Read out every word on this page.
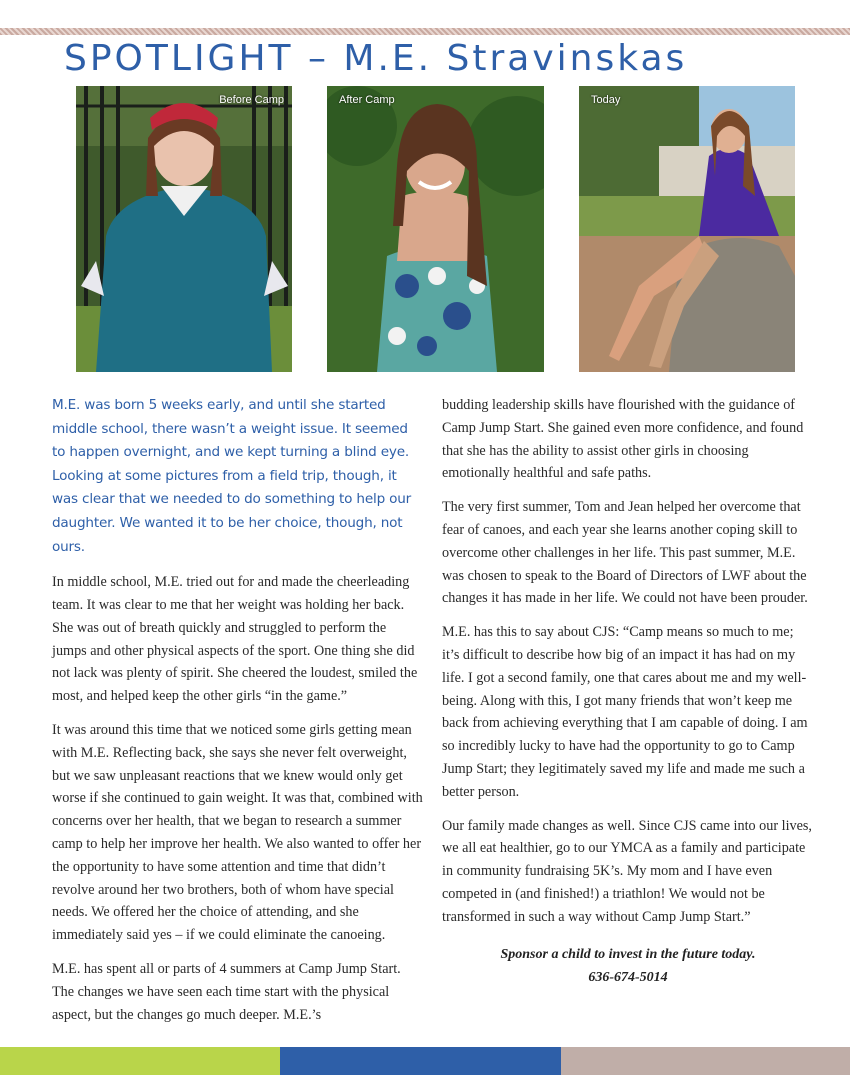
SPOTLIGHT – M.E. Stravinskas
Before Camp	After Camp	Today

M.E. was born 5 weeks early, and until she started middle school, there wasn’t a weight issue. It seemed to happen overnight, and we kept turning a blind eye. Looking at some pictures from a field trip, though, it was clear that we needed to do something to help our daughter. We wanted it to be her choice, though, not ours.

In middle school, M.E. tried out for and made the cheerleading team. It was clear to me that her weight was holding her back. She was out of breath quickly and struggled to perform the jumps and other physical aspects of the sport. One thing she did not lack was plenty of spirit. She cheered the loudest, smiled the most, and helped keep the other girls “in the game.”

It was around this time that we noticed some girls getting mean with M.E. Reflecting back, she says she never felt overweight, but we saw unpleasant reactions that we knew would only get worse if she continued to gain weight. It was that, combined with concerns over her health, that we began to research a summer camp to help her improve her health. We also wanted to offer her the opportunity to have some attention and time that didn’t revolve around her two brothers, both of whom have special needs. We offered her the choice of attending, and she immediately said yes – if we could eliminate the canoeing.

M.E. has spent all or parts of 4 summers at Camp Jump Start. The changes we have seen each time start with the physical aspect, but the changes go much deeper. M.E.’s

budding leadership skills have flourished with the guidance of Camp Jump Start. She gained even more confidence, and found that she has the ability to assist other girls in choosing emotionally healthful and safe paths.

The very first summer, Tom and Jean helped her overcome that fear of canoes, and each year she learns another coping skill to overcome other challenges in her life. This past summer, M.E. was chosen to speak to the Board of Directors of LWF about the changes it has made in her life. We could not have been prouder.

M.E. has this to say about CJS: “Camp means so much to me; it’s difficult to describe how big of an impact it has had on my life. I got a second family, one that cares about me and my well-being. Along with this, I got many friends that won’t keep me back from achieving everything that I am capable of doing. I am so incredibly lucky to have had the opportunity to go to Camp Jump Start; they legitimately saved my life and made me such a better person.

Our family made changes as well. Since CJS came into our lives, we all eat healthier, go to our YMCA as a family and participate in community fundraising 5K’s. My mom and I have even competed in (and finished!) a triathlon! We would not be transformed in such a way without Camp Jump Start.”

Sponsor a child to invest in the future today.
636-674-5014
